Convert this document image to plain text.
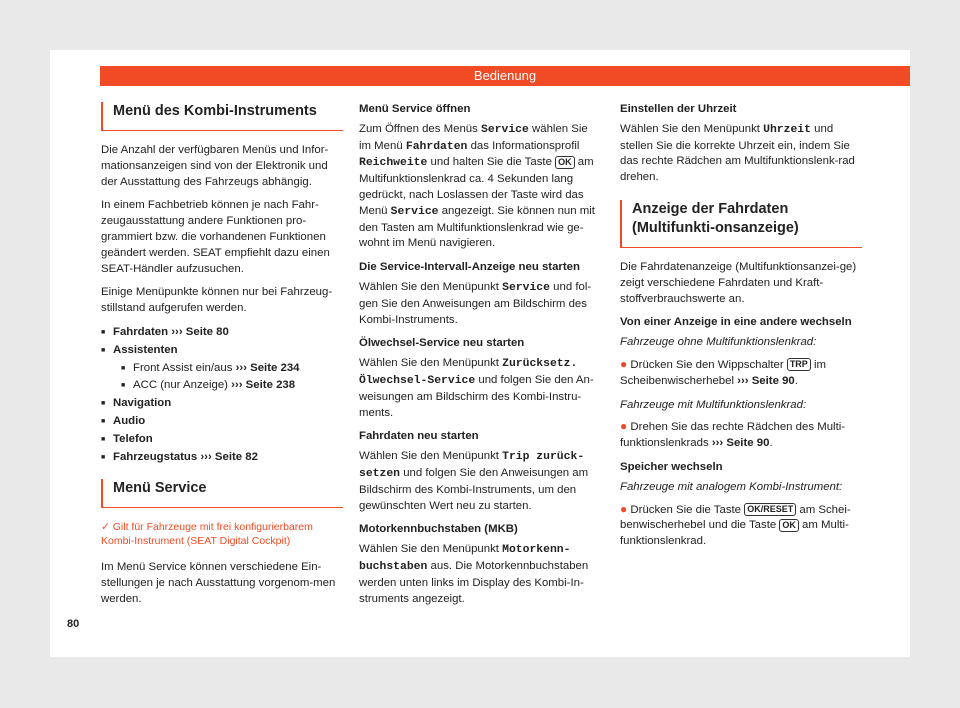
Bedienung
Menü des Kombi-Instruments

Die Anzahl der verfügbaren Menüs und Infor-mationsanzeigen sind von der Elektronik und der Ausstattung des Fahrzeugs abhängig.

In einem Fachbetrieb können je nach Fahr-zeugausstattung andere Funktionen pro-grammiert bzw. die vorhandenen Funktionen geändert werden. SEAT empfiehlt dazu einen SEAT-Händler aufzusuchen.

Einige Menüpunkte können nur bei Fahrzeug-stillstand aufgerufen werden.

■ Fahrdaten ››› Seite 80
■ Assistenten
■ Front Assist ein/aus ››› Seite 234
■ ACC (nur Anzeige) ››› Seite 238
■ Navigation
■ Audio
■ Telefon
■ Fahrzeugstatus ››› Seite 82
Menü Service
✓ Gilt für Fahrzeuge mit frei konfigurierbarem Kombi-Instrument (SEAT Digital Cockpit)

Im Menü Service können verschiedene Ein-stellungen je nach Ausstattung vorgenom-men werden.

Menü Service öffnen

Zum Öffnen des Menüs Service wählen Sie im Menü Fahrdaten das Informationsprofil Reichweite und halten Sie die Taste OK am Multifunktionslenkrad ca. 4 Sekunden lang gedrückt, nach Loslassen der Taste wird das Menü Service angezeigt. Sie können nun mit den Tasten am Multifunktionslenkrad wie ge-wohnt im Menü navigieren.

Die Service-Intervall-Anzeige neu starten

Wählen Sie den Menüpunkt Service und fol-gen Sie den Anweisungen am Bildschirm des Kombi-Instruments.

Ölwechsel-Service neu starten

Wählen Sie den Menüpunkt Zurücksetz. Ölwechsel-Service und folgen Sie den An-weisungen am Bildschirm des Kombi-Instru-ments.

Fahrdaten neu starten

Wählen Sie den Menüpunkt Trip zurück-setzen und folgen Sie den Anweisungen am Bildschirm des Kombi-Instruments, um den gewünschten Wert neu zu starten.

Motorkennbuchstaben (MKB)

Wählen Sie den Menüpunkt Motorkenn-buchstaben aus. Die Motorkennbuchstaben werden unten links im Display des Kombi-In-struments angezeigt.

Einstellen der Uhrzeit

Wählen Sie den Menüpunkt Uhrzeit und stellen Sie die korrekte Uhrzeit ein, indem Sie das rechte Rädchen am Multifunktionslenk-rad drehen.

Anzeige der Fahrdaten (Multifunkti-onsanzeige)

Die Fahrdatenanzeige (Multifunktionsanzei-ge) zeigt verschiedene Fahrdaten und Kraft-stoffverbrauchswerte an.

Von einer Anzeige in eine andere wechseln
Fahrzeuge ohne Multifunktionslenkrad:

● Drücken Sie den Wippschalter TRP im Scheibenwischerhebel ››› Seite 90.

Fahrzeuge mit Multifunktionslenkrad:

● Drehen Sie das rechte Rädchen des Multi-funktionslenkrads ››› Seite 90.

Speicher wechseln
Fahrzeuge mit analogem Kombi-Instrument:

● Drücken Sie die Taste OK/RESET am Schei-benwischerhebel und die Taste OK am Multi-funktionslenkrad.

80
